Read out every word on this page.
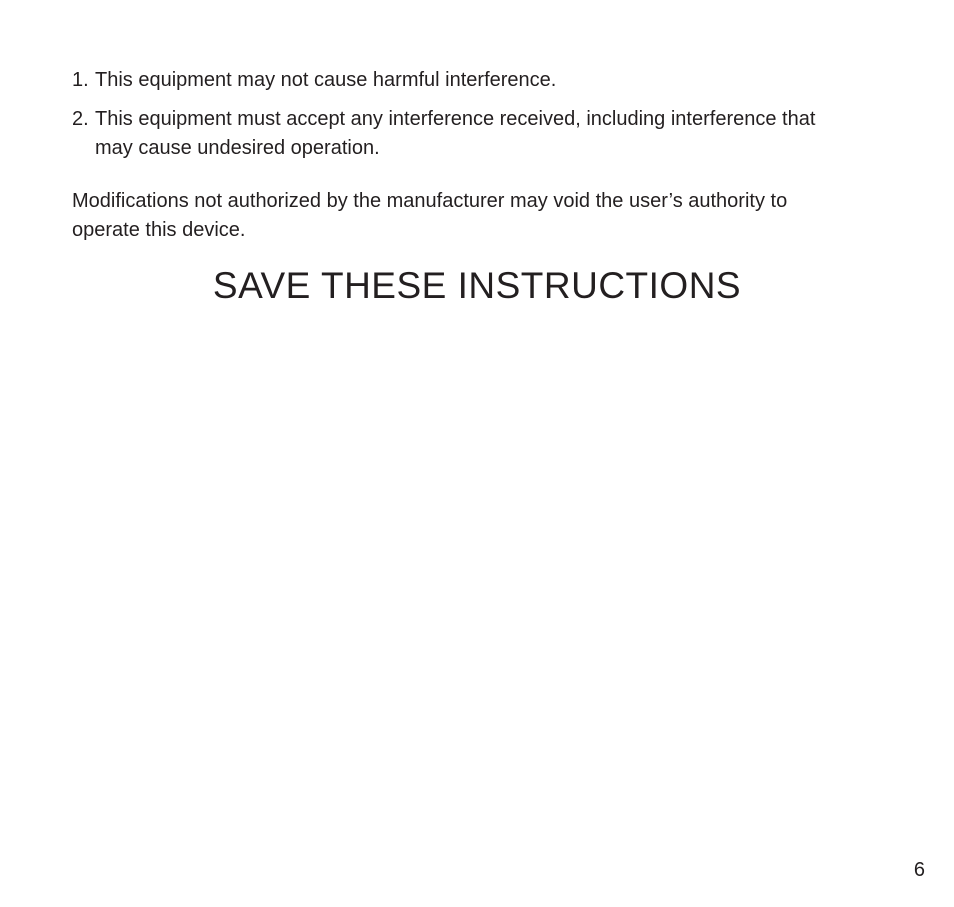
1. This equipment may not cause harmful interference.
2. This equipment must accept any interference received, including interference that may cause undesired operation.

Modifications not authorized by the manufacturer may void the user’s authority to operate this device.

SAVE THESE INSTRUCTIONS
6
